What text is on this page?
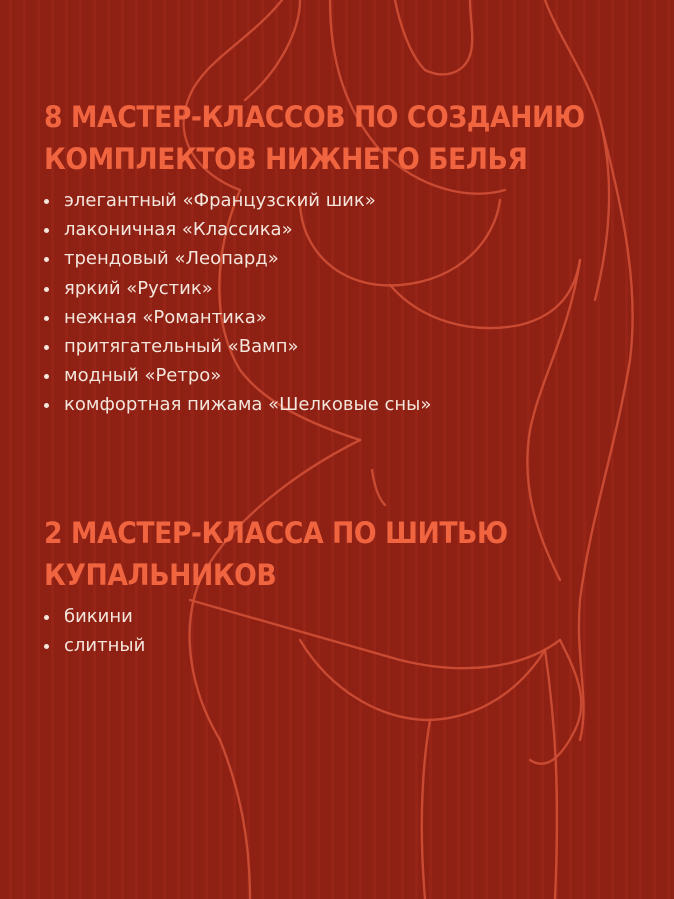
8 МАСТЕР-КЛАССОВ ПО СОЗДАНИЮ
КОМПЛЕКТОВ НИЖНЕГО БЕЛЬЯ
элегантный «Французский шик»
лаконичная «Классика»
трендовый «Леопард»
яркий «Рустик»
нежная «Романтика»
притягательный «Вамп»
модный «Ретро»
комфортная пижама «Шелковые сны»
2 МАСТЕР-КЛАССА ПО ШИТЬЮ
КУПАЛЬНИКОВ
бикини
слитный
